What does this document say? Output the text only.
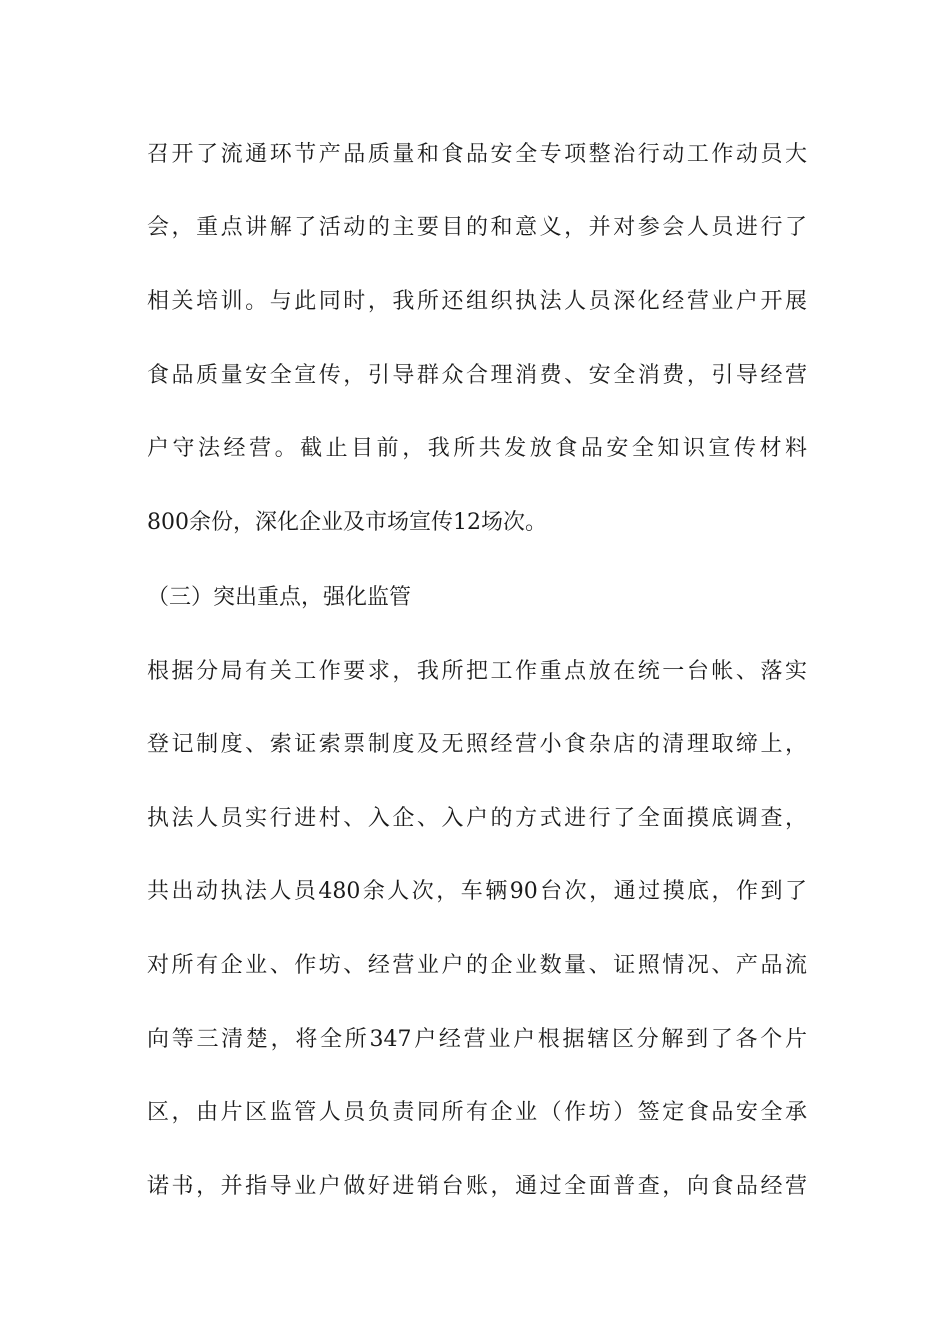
召开了流通环节产品质量和食品安全专项整治行动工作动员大
会，重点讲解了活动的主要目的和意义，并对参会人员进行了
相关培训。与此同时，我所还组织执法人员深化经营业户开展
食品质量安全宣传，引导群众合理消费、安全消费，引导经营
户守法经营。截止目前，我所共发放食品安全知识宣传材料
800余份，深化企业及市场宣传12场次。
（三）突出重点，强化监管
根据分局有关工作要求，我所把工作重点放在统一台帐、落实
登记制度、索证索票制度及无照经营小食杂店的清理取缔上，
执法人员实行进村、入企、入户的方式进行了全面摸底调查，
共出动执法人员480余人次，车辆90台次，通过摸底，作到了
对所有企业、作坊、经营业户的企业数量、证照情况、产品流
向等三清楚，将全所347户经营业户根据辖区分解到了各个片
区，由片区监管人员负责同所有企业（作坊）签定食品安全承
诺书，并指导业户做好进销台账，通过全面普查，向食品经营
